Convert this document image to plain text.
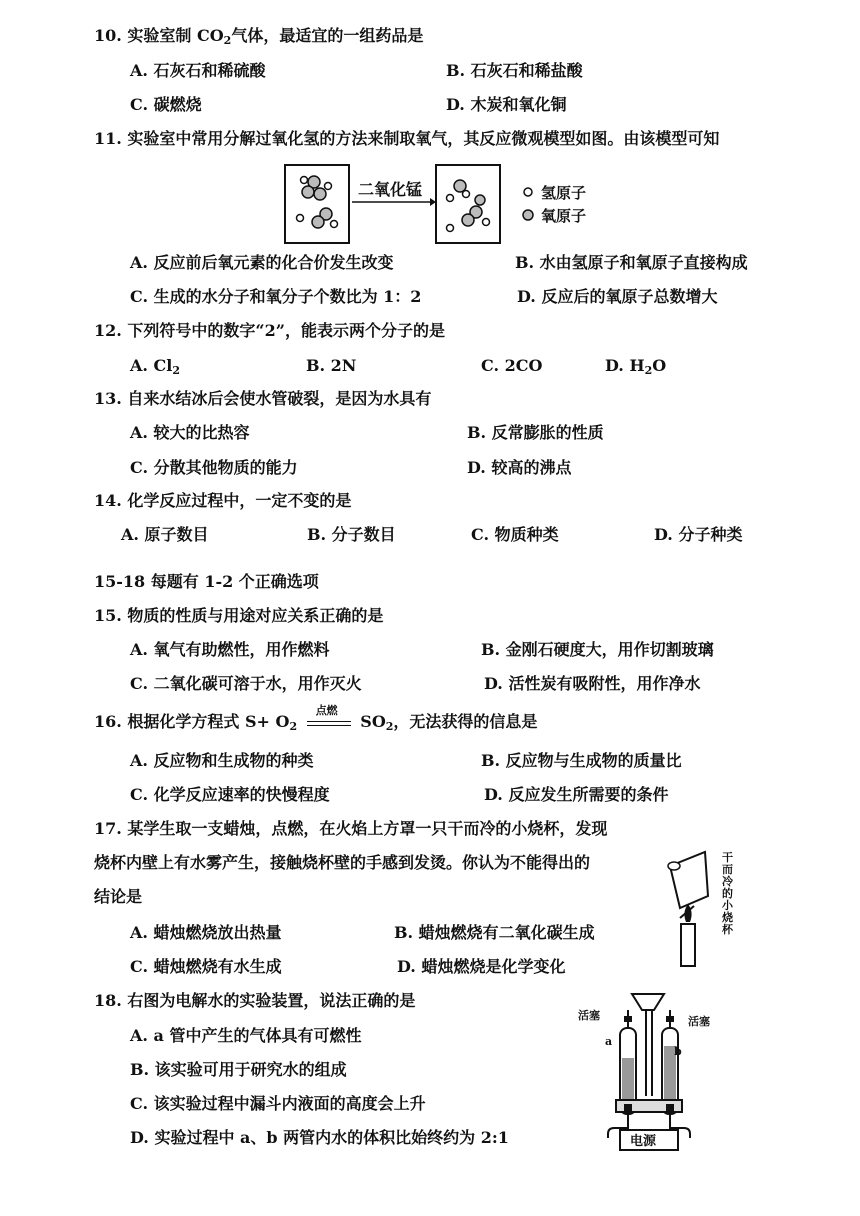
10. 实验室制 $CO_2$气体，最适宜的一组药品是
A. 石灰石和稀硫酸	B. 石灰石和稀盐酸
C. 碳燃烧	D. 木炭和氧化铜
11. 实验室中常用分解过氧化氢的方法来制取氧气，其反应微观模型如图。由该模型可知
二氧化锰	氢原子
氧原子
A. 反应前后氧元素的化合价发生改变	B. 水由氢原子和氧原子直接构成
C. 生成的水分子和氧分子个数比为 1：2	D. 反应后的氧原子总数增大
12. 下列符号中的数字“2”，能表示两个分子的是
A. $Cl_2$	B. 2N	C. 2CO	D. $H_2O$
13. 自来水结冰后会使水管破裂，是因为水具有
A. 较大的比热容	B. 反常膨胀的性质
C. 分散其他物质的能力	D. 较高的沸点
14. 化学反应过程中，一定不变的是
A. 原子数目	B. 分子数目	C. 物质种类	D. 分子种类
15-18 每题有 1-2 个正确选项
15. 物质的性质与用途对应关系正确的是
A. 氧气有助燃性，用作燃料	B. 金刚石硬度大，用作切割玻璃
C. 二氧化碳可溶于水，用作灭火	D. 活性炭有吸附性，用作净水
16. 根据化学方程式 $S+ O_2$
点燃
$SO_2$，无法获得的信息是
A. 反应物和生成物的种类	B. 反应物与生成物的质量比
C. 化学反应速率的快慢程度	D. 反应发生所需要的条件
17. 某学生取一支蜡烛，点燃，在火焰上方罩一只干而冷的小烧杯，发现
烧杯内壁上有水雾产生，接触烧杯壁的手感到发烫。你认为不能得出的
结论是
干而冷的小烧杯
A. 蜡烛燃烧放出热量	B. 蜡烛燃烧有二氧化碳生成
C. 蜡烛燃烧有水生成	D. 蜡烛燃烧是化学变化
18. 右图为电解水的实验装置，说法正确的是
A. a 管中产生的气体具有可燃性
B. 该实验可用于研究水的组成
C. 该实验过程中漏斗内液面的高度会上升
D. 实验过程中 a、b 两管内水的体积比始终约为 2:1
活塞	活塞
a
b
电源
